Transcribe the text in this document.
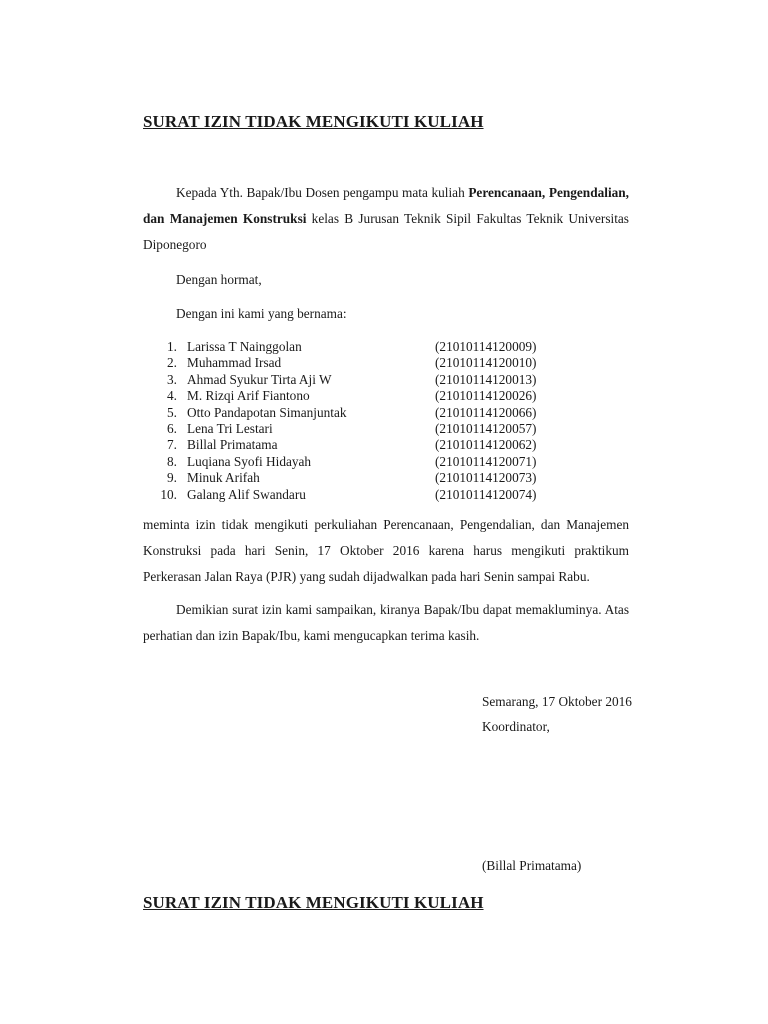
SURAT IZIN TIDAK MENGIKUTI KULIAH

Kepada Yth. Bapak/Ibu Dosen pengampu mata kuliah Perencanaan, Pengendalian, dan Manajemen Konstruksi kelas B Jurusan Teknik Sipil Fakultas Teknik Universitas Diponegoro

Dengan hormat,

Dengan ini kami yang bernama:

1 . Larissa T Nainggolan	(21010114120009)
2 . Muhammad Irsad	(21010114120010)
3 . Ahmad Syukur Tirta Aji W	(21010114120013)
4 . M. Rizqi Arif Fiantono	(21010114120026)
5 . Otto Pandapotan Simanjuntak	(21010114120066)
6 . Lena Tri Lestari	(21010114120057)
7 . Billal Primatama	(21010114120062)
8 . Luqiana Syofi Hidayah	(21010114120071)
9 . Minuk Arifah	(21010114120073)
10 . Galang Alif Swandaru	(21010114120074)

meminta izin tidak mengikuti perkuliahan Perencanaan, Pengendalian, dan Manajemen Konstruksi pada hari Senin, 17 Oktober 2016 karena harus mengikuti praktikum Perkerasan Jalan Raya (PJR) yang sudah dijadwalkan pada hari Senin sampai Rabu.

Demikian surat izin kami sampaikan, kiranya Bapak/Ibu dapat memakluminya. Atas perhatian dan izin Bapak/Ibu, kami mengucapkan terima kasih.

Semarang, 17 Oktober 2016
Koordinator,
(Billal Primatama)
SURAT IZIN TIDAK MENGIKUTI KULIAH
